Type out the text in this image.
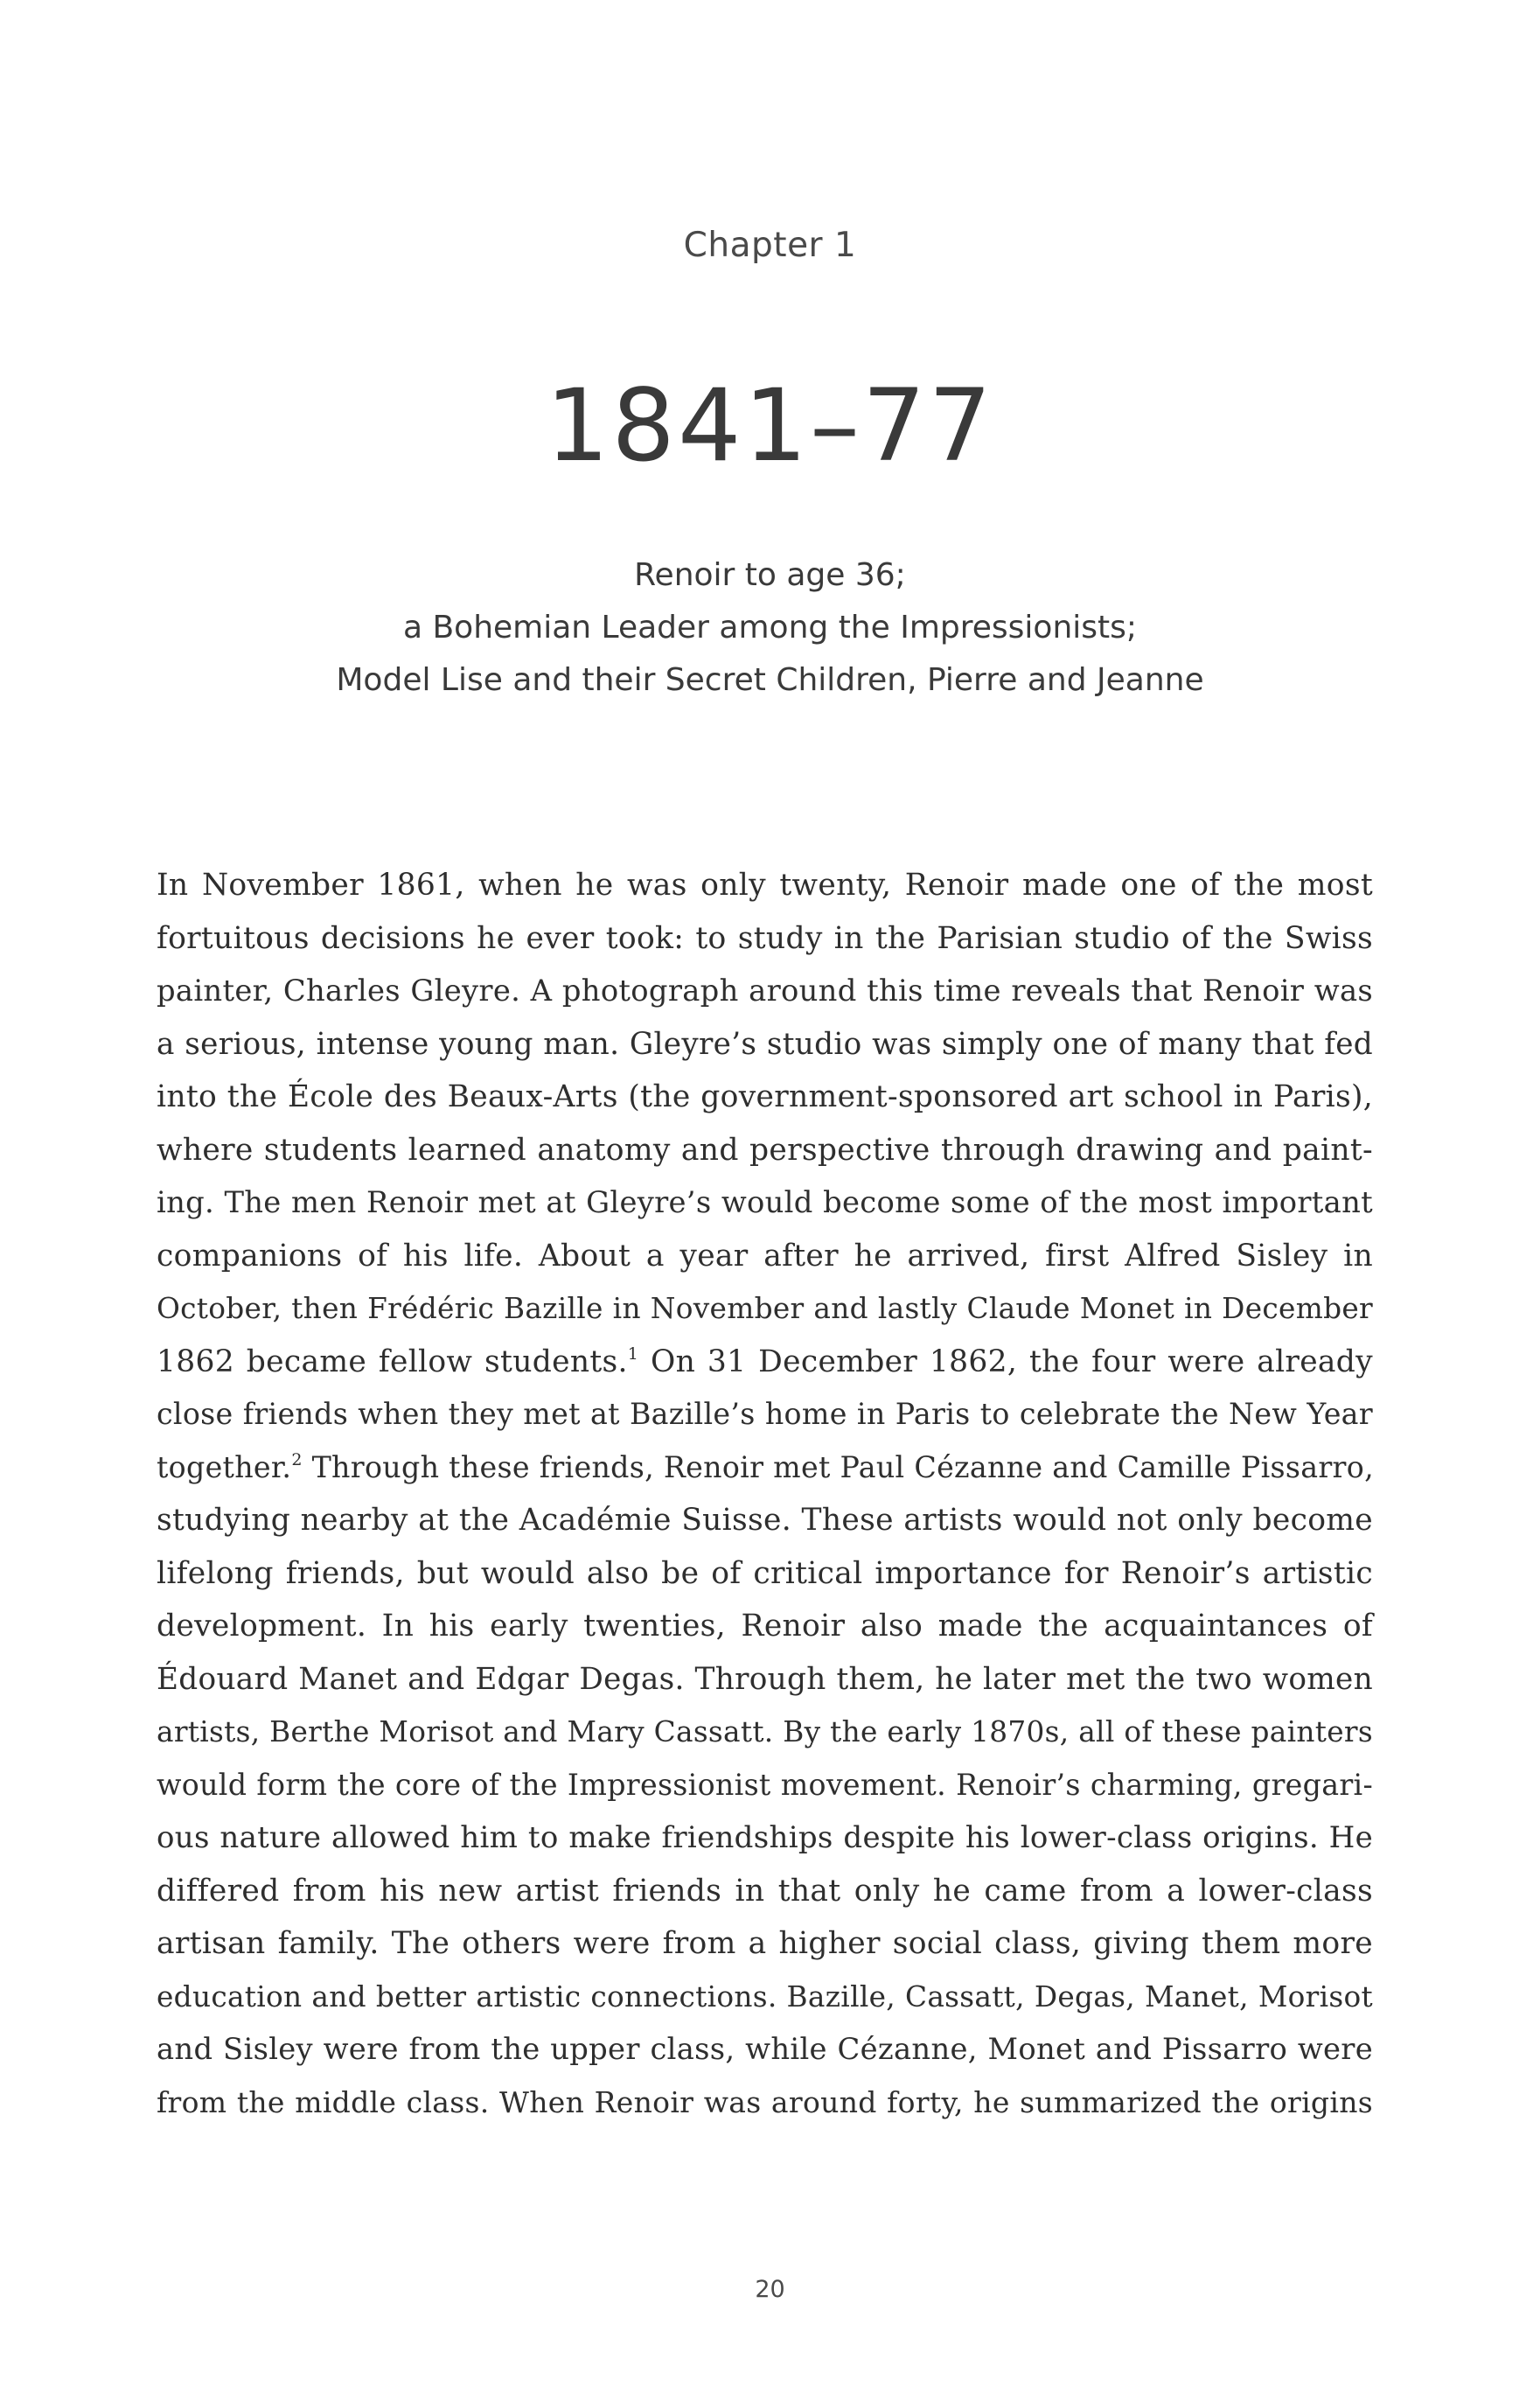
Chapter 1
1841–77
Renoir to age 36;
a Bohemian Leader among the Impressionists;
Model Lise and their Secret Children, Pierre and Jeanne
In November 1861, when he was only twenty, Renoir made one of the most
fortuitous decisions he ever took: to study in the Parisian studio of the Swiss
painter, Charles Gleyre. A photograph around this time reveals that Renoir was
a serious, intense young man. Gleyre’s studio was simply one of many that fed
into the École des Beaux-Arts (the government-sponsored art school in Paris),
where students learned anatomy and perspective through drawing and paint-
ing. The men Renoir met at Gleyre’s would become some of the most important
companions of his life. About a year after he arrived, first Alfred Sisley in
October, then Frédéric Bazille in November and lastly Claude Monet in December
1862 became fellow students.$^1$ On 31 December 1862, the four were already
close friends when they met at Bazille’s home in Paris to celebrate the New Year
together.$^2$ Through these friends, Renoir met Paul Cézanne and Camille Pissarro,
studying nearby at the Académie Suisse. These artists would not only become
lifelong friends, but would also be of critical importance for Renoir’s artistic
development. In his early twenties, Renoir also made the acquaintances of
Édouard Manet and Edgar Degas. Through them, he later met the two women
artists, Berthe Morisot and Mary Cassatt. By the early 1870s, all of these painters
would form the core of the Impressionist movement. Renoir’s charming, gregari-
ous nature allowed him to make friendships despite his lower-class origins. He
differed from his new artist friends in that only he came from a lower-class
artisan family. The others were from a higher social class, giving them more
education and better artistic connections. Bazille, Cassatt, Degas, Manet, Morisot
and Sisley were from the upper class, while Cézanne, Monet and Pissarro were
from the middle class. When Renoir was around forty, he summarized the origins
20
